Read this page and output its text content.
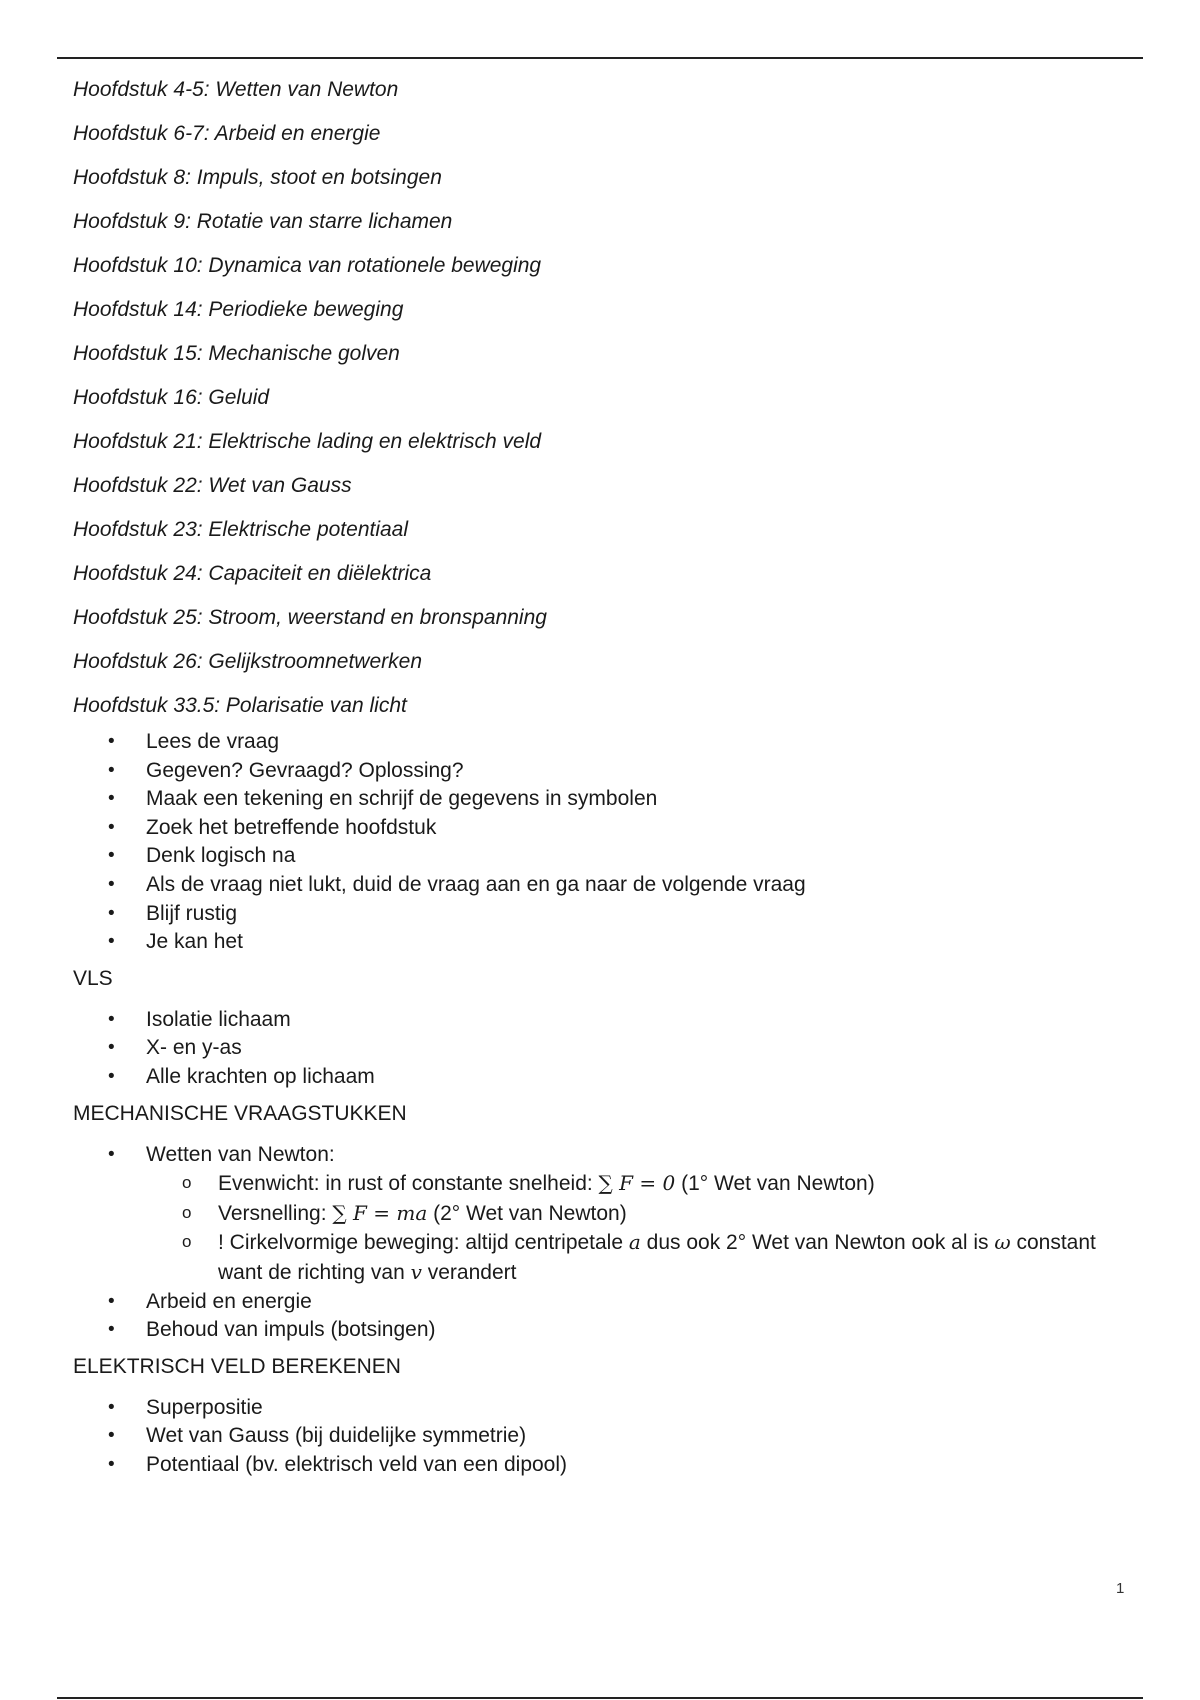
Hoofdstuk 4-5: Wetten van Newton
Hoofdstuk 6-7: Arbeid en energie
Hoofdstuk 8: Impuls, stoot en botsingen
Hoofdstuk 9: Rotatie van starre lichamen
Hoofdstuk 10: Dynamica van rotationele beweging
Hoofdstuk 14: Periodieke beweging
Hoofdstuk 15: Mechanische golven
Hoofdstuk 16: Geluid
Hoofdstuk 21: Elektrische lading en elektrisch veld
Hoofdstuk 22: Wet van Gauss
Hoofdstuk 23: Elektrische potentiaal
Hoofdstuk 24: Capaciteit en diëlektrica
Hoofdstuk 25: Stroom, weerstand en bronspanning
Hoofdstuk 26: Gelijkstroomnetwerken
Hoofdstuk 33.5: Polarisatie van licht
• Lees de vraag
• Gegeven? Gevraagd? Oplossing?
• Maak een tekening en schrijf de gegevens in symbolen
• Zoek het betreffende hoofdstuk
• Denk logisch na
• Als de vraag niet lukt, duid de vraag aan en ga naar de volgende vraag
• Blijf rustig
• Je kan het
VLS
• Isolatie lichaam
• X- en y-as
• Alle krachten op lichaam
MECHANISCHE VRAAGSTUKKEN
• Wetten van Newton:
o Evenwicht: in rust of constante snelheid: ∑ F = 0 (1° Wet van Newton)
o Versnelling: ∑ F = ma (2° Wet van Newton)
o ! Cirkelvormige beweging: altijd centripetale a dus ook 2° Wet van Newton ook al is ω constant want de richting van v verandert
• Arbeid en energie
• Behoud van impuls (botsingen)
ELEKTRISCH VELD BEREKENEN
• Superpositie
• Wet van Gauss (bij duidelijke symmetrie)
• Potentiaal (bv. elektrisch veld van een dipool)
1
